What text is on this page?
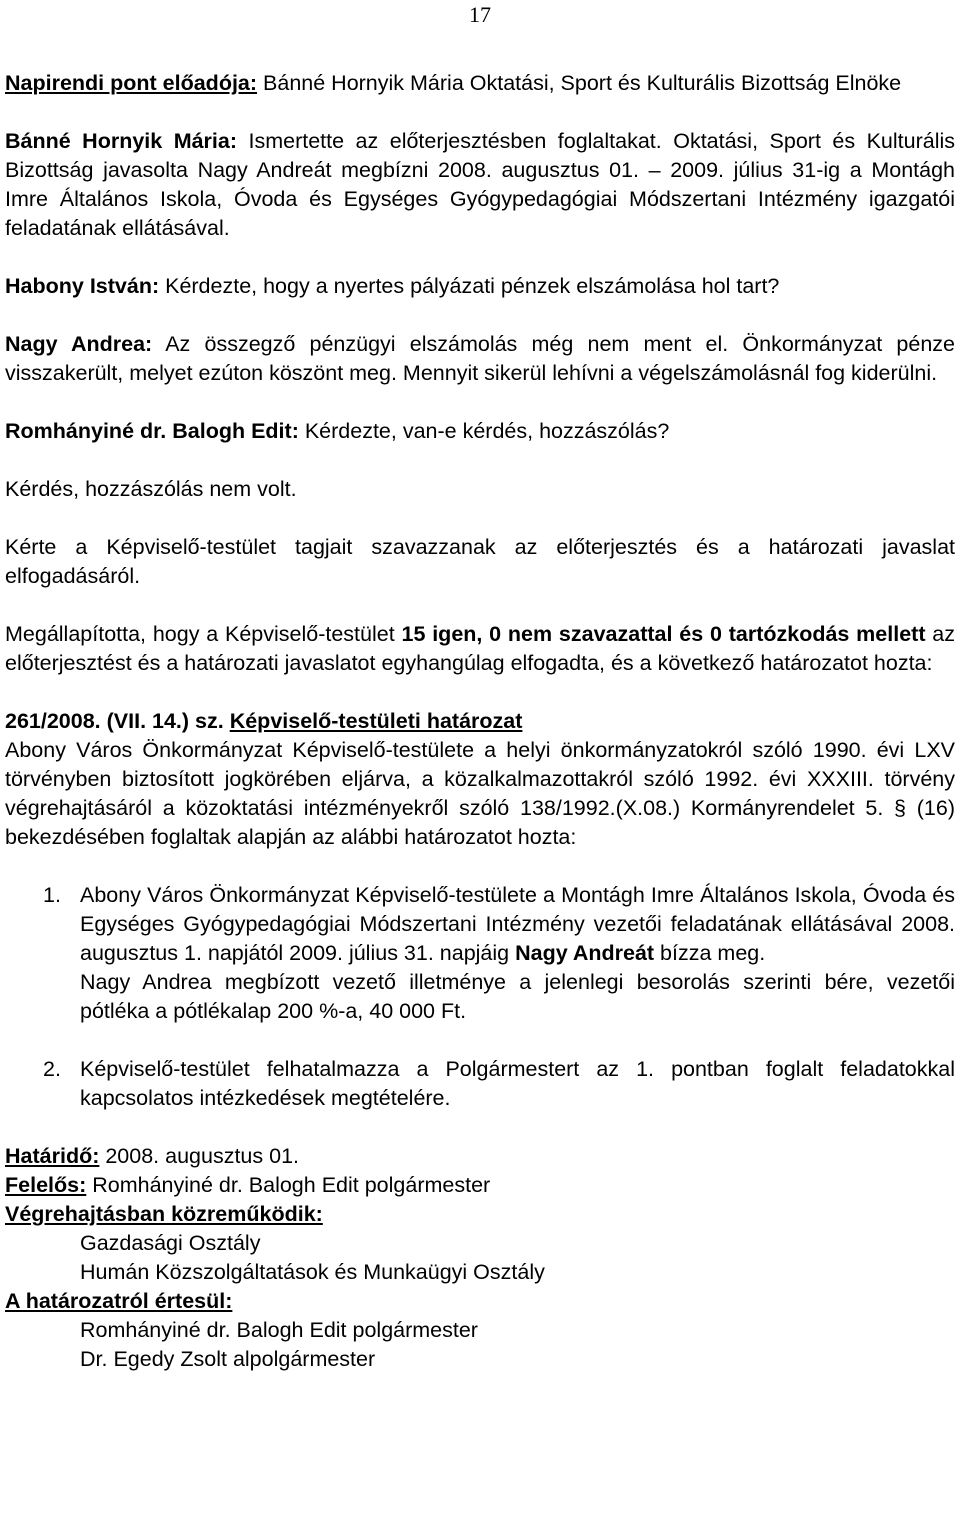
17

Napirendi pont előadója: Bánné Hornyik Mária Oktatási, Sport és Kulturális Bizottság Elnöke

Bánné Hornyik Mária: Ismertette az előterjesztésben foglaltakat. Oktatási, Sport és Kulturális Bizottság javasolta Nagy Andreát megbízni 2008. augusztus 01. – 2009. július 31-ig a Montágh Imre Általános Iskola, Óvoda és Egységes Gyógypedagógiai Módszertani Intézmény igazgatói feladatának ellátásával.

Habony István: Kérdezte, hogy a nyertes pályázati pénzek elszámolása hol tart?

Nagy Andrea: Az összegző pénzügyi elszámolás még nem ment el. Önkormányzat pénze visszakerült, melyet ezúton köszönt meg. Mennyit sikerül lehívni a végelszámolásnál fog kiderülni.

Romhányiné dr. Balogh Edit: Kérdezte, van-e kérdés, hozzászólás?

Kérdés, hozzászólás nem volt.

Kérte a Képviselő-testület tagjait szavazzanak az előterjesztés és a határozati javaslat elfogadásáról.

Megállapította, hogy a Képviselő-testület 15 igen, 0 nem szavazattal és 0 tartózkodás mellett az előterjesztést és a határozati javaslatot egyhangúlag elfogadta, és a következő határozatot hozta:

261/2008. (VII. 14.) sz. Képviselő-testületi határozat

Abony Város Önkormányzat Képviselő-testülete a helyi önkormányzatokról szóló 1990. évi LXV törvényben biztosított jogkörében eljárva, a közalkalmazottakról szóló 1992. évi XXXIII. törvény végrehajtásáról a közoktatási intézményekről szóló 138/1992.(X.08.) Kormányrendelet 5. § (16) bekezdésében foglaltak alapján az alábbi határozatot hozta:

1. Abony Város Önkormányzat Képviselő-testülete a Montágh Imre Általános Iskola, Óvoda és Egységes Gyógypedagógiai Módszertani Intézmény vezetői feladatának ellátásával 2008. augusztus 1. napjától 2009. július 31. napjáig Nagy Andreát bízza meg.
Nagy Andrea megbízott vezető illetménye a jelenlegi besorolás szerinti bére, vezetői pótléka a pótlékalap 200 %-a, 40 000 Ft.
2. Képviselő-testület felhatalmazza a Polgármestert az 1. pontban foglalt feladatokkal kapcsolatos intézkedések megtételére.

Határidő: 2008. augusztus 01.

Felelős: Romhányiné dr. Balogh Edit polgármester

Végrehajtásban közreműködik:

Gazdasági Osztály

Humán Közszolgáltatások és Munkaügyi Osztály

A határozatról értesül:

Romhányiné dr. Balogh Edit polgármester

Dr. Egedy Zsolt alpolgármester
